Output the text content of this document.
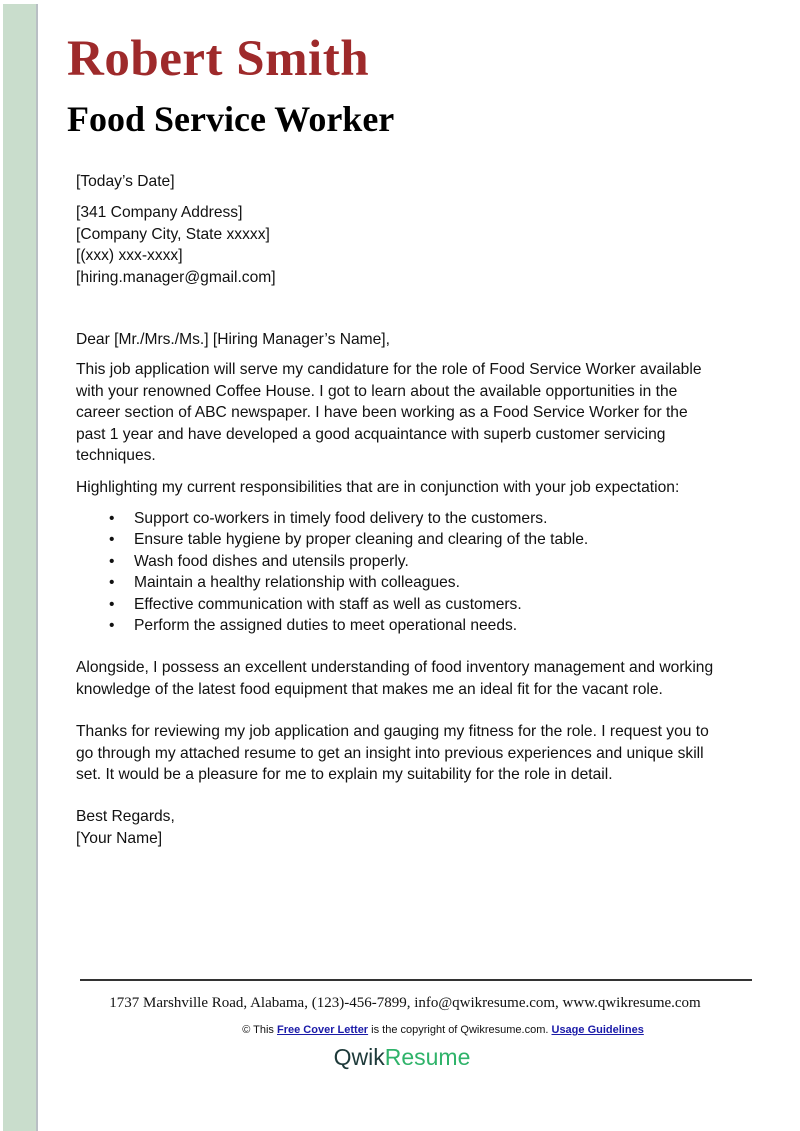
Robert Smith
Food Service Worker
[Today’s Date]
[341 Company Address]
[Company City, State xxxxx]
[(xxx) xxx-xxxx]
[hiring.manager@gmail.com]
Dear [Mr./Mrs./Ms.] [Hiring Manager’s Name],
This job application will serve my candidature for the role of Food Service Worker available
with your renowned Coffee House. I got to learn about the available opportunities in the
career section of ABC newspaper. I have been working as a Food Service Worker for the
past 1 year and have developed a good acquaintance with superb customer servicing
techniques.
Highlighting my current responsibilities that are in conjunction with your job expectation:
• Support co-workers in timely food delivery to the customers.
• Ensure table hygiene by proper cleaning and clearing of the table.
• Wash food dishes and utensils properly.
• Maintain a healthy relationship with colleagues.
• Effective communication with staff as well as customers.
• Perform the assigned duties to meet operational needs.
Alongside, I possess an excellent understanding of food inventory management and working
knowledge of the latest food equipment that makes me an ideal fit for the vacant role.
Thanks for reviewing my job application and gauging my fitness for the role. I request you to
go through my attached resume to get an insight into previous experiences and unique skill
set. It would be a pleasure for me to explain my suitability for the role in detail.
Best Regards,
[Your Name]
1737 Marshville Road, Alabama, (123)-456-7899, info@qwikresume.com, www.qwikresume.com
© This Free Cover Letter is the copyright of Qwikresume.com. Usage Guidelines
QwikResume
